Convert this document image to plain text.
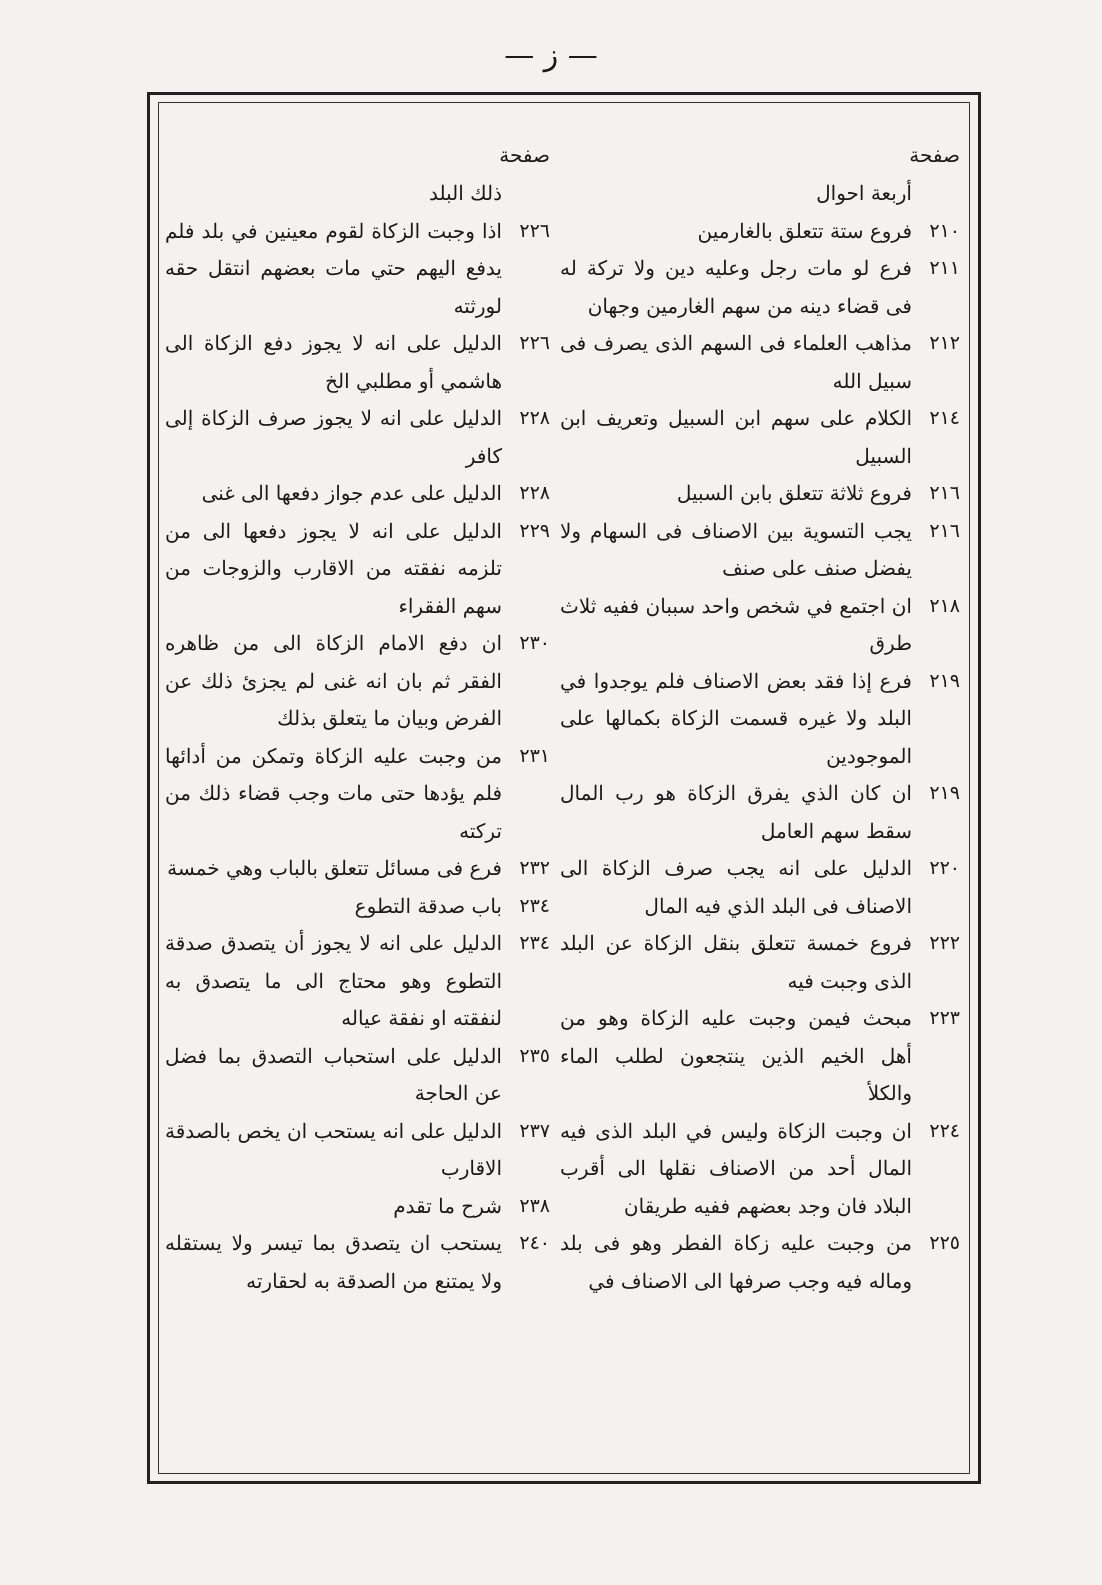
— ز —
صفحة
أربعة احوال
٢١٠
فروع ستة تتعلق بالغارمين
٢١١
فرع لو مات رجل وعليه دين ولا تركة له فى قضاء دينه من سهم الغارمين وجهان
٢١٢
مذاهب العلماء فى السهم الذى يصرف فى سبيل الله
٢١٤
الكلام على سهم ابن السبيل وتعريف ابن السبيل
٢١٦
فروع ثلاثة تتعلق بابن السبيل
٢١٦
يجب التسوية بين الاصناف فى السهام ولا يفضل صنف على صنف
٢١٨
ان اجتمع في شخص واحد سببان ففيه ثلاث طرق
٢١٩
فرع إذا فقد بعض الاصناف فلم يوجدوا في البلد ولا غيره قسمت الزكاة بكمالها على الموجودين
٢١٩
ان كان الذي يفرق الزكاة هو رب المال سقط سهم العامل
٢٢٠
الدليل على انه يجب صرف الزكاة الى الاصناف فى البلد الذي فيه المال
٢٢٢
فروع خمسة تتعلق بنقل الزكاة عن البلد الذى وجبت فيه
٢٢٣
مبحث فيمن وجبت عليه الزكاة وهو من أهل الخيم الذين ينتجعون لطلب الماء والكلأ
٢٢٤
ان وجبت الزكاة وليس في البلد الذى فيه المال أحد من الاصناف نقلها الى أقرب البلاد فان وجد بعضهم ففيه طريقان
٢٢٥
من وجبت عليه زكاة الفطر وهو فى بلد وماله فيه وجب صرفها الى الاصناف في
صفحة
ذلك البلد
٢٢٦
اذا وجبت الزكاة لقوم معينين في بلد فلم يدفع اليهم حتي مات بعضهم انتقل حقه لورثته
٢٢٦
الدليل على انه لا يجوز دفع الزكاة الى هاشمي أو مطلبي الخ
٢٢٨
الدليل على انه لا يجوز صرف الزكاة إلى كافر
٢٢٨
الدليل على عدم جواز دفعها الى غنى
٢٢٩
الدليل على انه لا يجوز دفعها الى من تلزمه نفقته من الاقارب والزوجات من سهم الفقراء
٢٣٠
ان دفع الامام الزكاة الى من ظاهره الفقر ثم بان انه غنى لم يجزئ ذلك عن الفرض وبيان ما يتعلق بذلك
٢٣١
من وجبت عليه الزكاة وتمكن من أدائها فلم يؤدها حتى مات وجب قضاء ذلك من تركته
٢٣٢
فرع فى مسائل تتعلق بالباب وهي خمسة
٢٣٤
باب صدقة التطوع
٢٣٤
الدليل على انه لا يجوز أن يتصدق صدقة التطوع وهو محتاج الى ما يتصدق به لنفقته او نفقة عياله
٢٣٥
الدليل على استحباب التصدق بما فضل عن الحاجة
٢٣٧
الدليل على انه يستحب ان يخص بالصدقة الاقارب
٢٣٨
شرح ما تقدم
٢٤٠
يستحب ان يتصدق بما تيسر ولا يستقله ولا يمتنع من الصدقة به لحقارته
